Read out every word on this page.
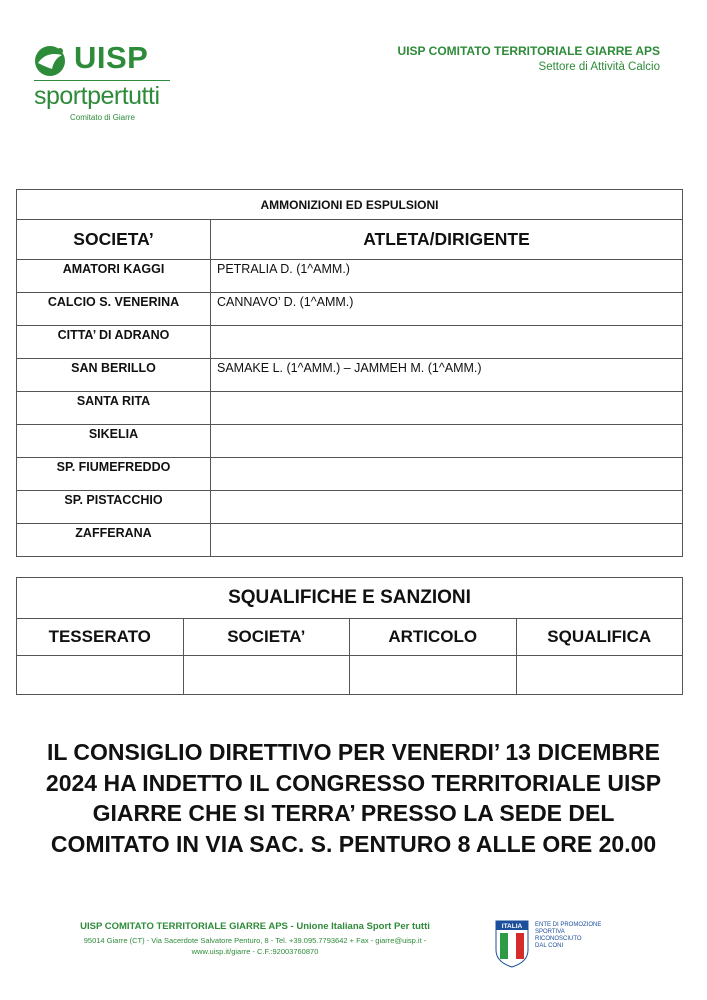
UISP
sportpertutti
Comitato di Giarre
UISP COMITATO TERRITORIALE GIARRE APS
Settore di Attività Calcio
AMMONIZIONI ED ESPULSIONI	
SOCIETA’	ATLETA/DIRIGENTE
AMATORI KAGGI	PETRALIA D. (1^AMM.)
CALCIO S. VENERINA	CANNAVO’ D. (1^AMM.)
CITTA’ DI ADRANO	
SAN BERILLO	SAMAKE L. (1^AMM.) – JAMMEH M. (1^AMM.)
SANTA RITA	
SIKELIA	
SP. FIUMEFREDDO	
SP. PISTACCHIO	
ZAFFERANA	
SQUALIFICHE E SANZIONI			
TESSERATO	SOCIETA’	ARTICOLO	SQUALIFICA

IL CONSIGLIO DIRETTIVO PER VENERDI’ 13 DICEMBRE
2024 HA INDETTO IL CONGRESSO TERRITORIALE UISP
GIARRE CHE SI TERRA’ PRESSO LA SEDE DEL
COMITATO IN VIA SAC. S. PENTURO 8 ALLE ORE 20.00
UISP COMITATO TERRITORIALE GIARRE APS - Unione Italiana Sport Per tutti
95014 Giarre (CT) - Via Sacerdote Salvatore Penturo, 8 - Tel. +39.095.7793642 + Fax - giarre@uisp.it - www.uisp.it/giarre - C.F.:92003760870
ITALIA ENTE DI PROMOZIONE
SPORTIVA
RICONOSCIUTO
DAL CONI
